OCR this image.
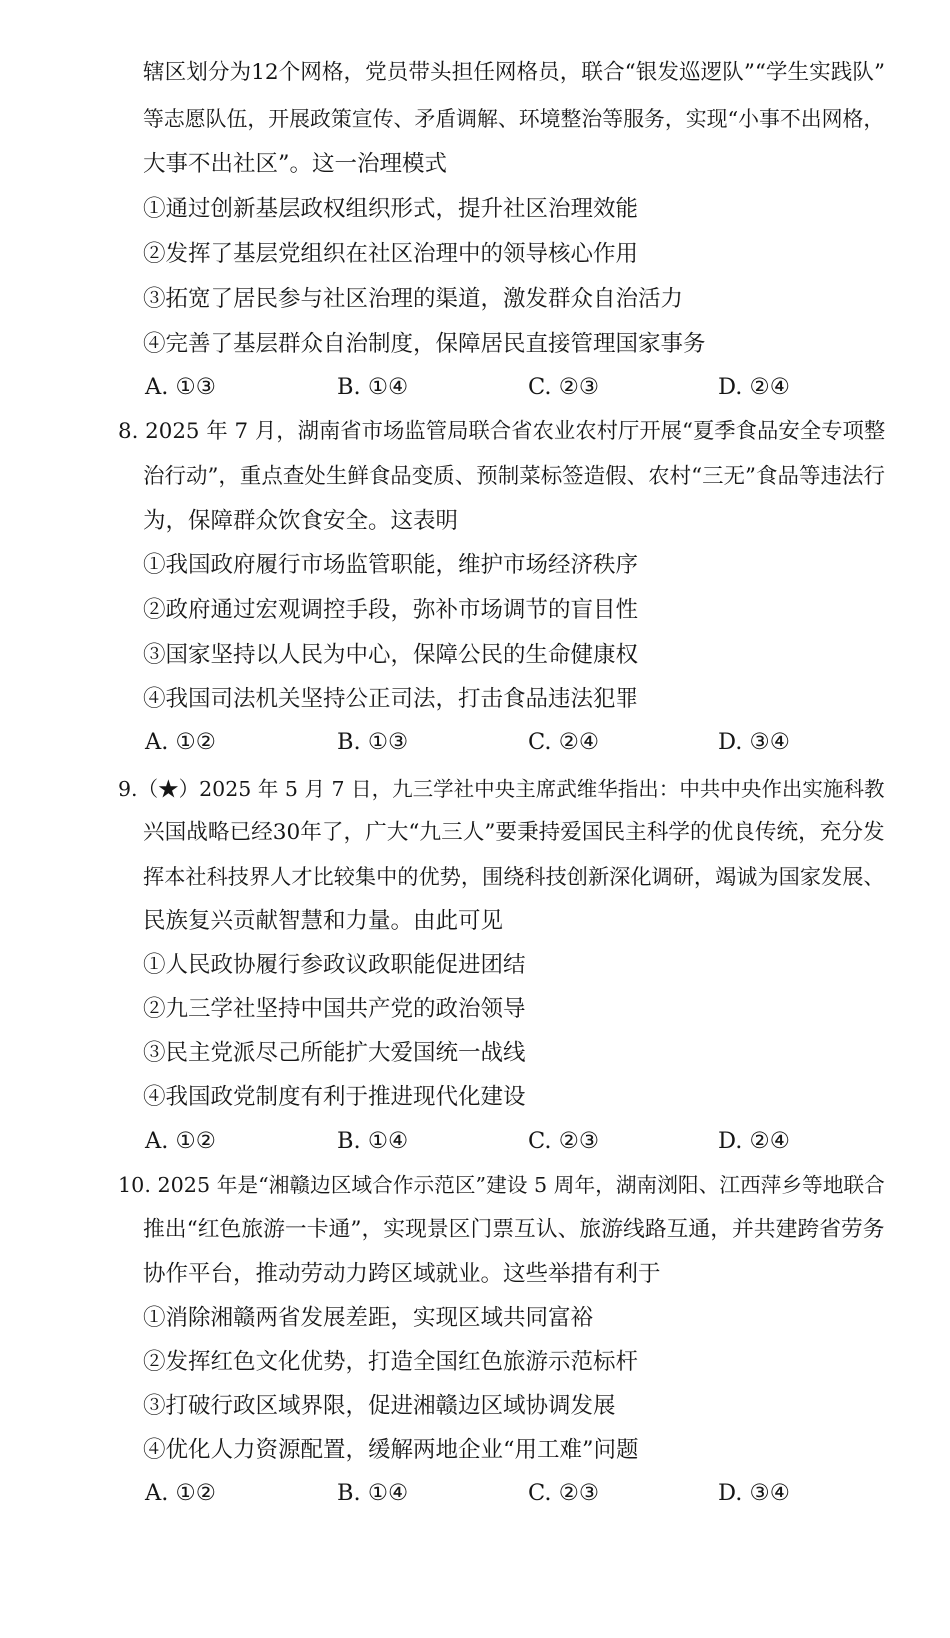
辖区划分为12个网格，党员带头担任网格员，联合“银发巡逻队”“学生实践队”
等志愿队伍，开展政策宣传、矛盾调解、环境整治等服务，实现“小事不出网格，
大事不出社区”。这一治理模式
①通过创新基层政权组织形式，提升社区治理效能
②发挥了基层党组织在社区治理中的领导核心作用
③拓宽了居民参与社区治理的渠道，激发群众自治活力
④完善了基层群众自治制度，保障居民直接管理国家事务
A. ①③	B. ①④	C. ②③	D. ②④
8. 2025 年 7 月，湖南省市场监管局联合省农业农村厅开展“夏季食品安全专项整
治行动”，重点查处生鲜食品变质、预制菜标签造假、农村“三无”食品等违法行
为，保障群众饮食安全。这表明
①我国政府履行市场监管职能，维护市场经济秩序
②政府通过宏观调控手段，弥补市场调节的盲目性
③国家坚持以人民为中心，保障公民的生命健康权
④我国司法机关坚持公正司法，打击食品违法犯罪
A. ①②	B. ①③	C. ②④	D. ③④
9.（★）2025 年 5 月 7 日，九三学社中央主席武维华指出：中共中央作出实施科教
兴国战略已经30年了，广大“九三人”要秉持爱国民主科学的优良传统，充分发
挥本社科技界人才比较集中的优势，围绕科技创新深化调研，竭诚为国家发展、
民族复兴贡献智慧和力量。由此可见
①人民政协履行参政议政职能促进团结
②九三学社坚持中国共产党的政治领导
③民主党派尽己所能扩大爱国统一战线
④我国政党制度有利于推进现代化建设
A. ①②	B. ①④	C. ②③	D. ②④
10. 2025 年是“湘赣边区域合作示范区”建设 5 周年，湖南浏阳、江西萍乡等地联合
推出“红色旅游一卡通”，实现景区门票互认、旅游线路互通，并共建跨省劳务
协作平台，推动劳动力跨区域就业。这些举措有利于
①消除湘赣两省发展差距，实现区域共同富裕
②发挥红色文化优势，打造全国红色旅游示范标杆
③打破行政区域界限，促进湘赣边区域协调发展
④优化人力资源配置，缓解两地企业“用工难”问题
A. ①②	B. ①④	C. ②③	D. ③④
